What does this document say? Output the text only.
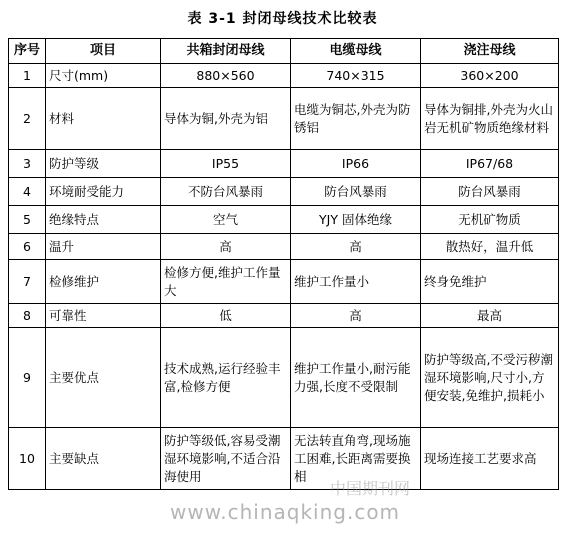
表 3-1 封闭母线技术比较表
序号	项目	共箱封闭母线	电缆母线	浇注母线
1	尺寸(mm)	880×560	740×315	360×200
2	材料	导体为铜,外壳为铝	电缆为铜芯,外壳为防锈铝	导体为铜排,外壳为火山岩无机矿物质绝缘材料
3	防护等级	IP55	IP66	IP67/68
4	环境耐受能力	不防台风暴雨	防台风暴雨	防台风暴雨
5	绝缘特点	空气	YJY 固体绝缘	无机矿物质
6	温升	高	高	散热好，温升低
7	检修维护	检修方便,维护工作量大	维护工作量小	终身免维护
8	可靠性	低	高	最高
9	主要优点	技术成熟,运行经验丰富,检修方便	维护工作量小,耐污能力强,长度不受限制	防护等级高,不受污秽潮湿环境影响,尺寸小,方便安装,免维护,损耗小
10	主要缺点	防护等级低,容易受潮湿环境影响,不适合沿海使用	无法转直角弯,现场施工困难,长距离需要换相	现场连接工艺要求高
中国期刊网
www.chinaqking.com
